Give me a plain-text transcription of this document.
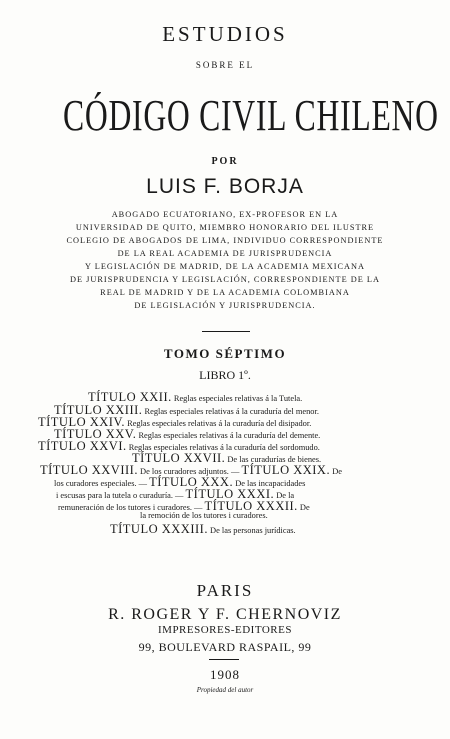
ESTUDIOS
SOBRE EL
CÓDIGO CIVIL CHILENO
POR
LUIS F. BORJA
ABOGADO ECUATORIANO, EX-PROFESOR EN LA
UNIVERSIDAD DE QUITO, MIEMBRO HONORARIO DEL ILUSTRE
COLEGIO DE ABOGADOS DE LIMA, INDIVIDUO CORRESPONDIENTE
DE LA REAL ACADEMIA DE JURISPRUDENCIA
Y LEGISLACIÓN DE MADRID, DE LA ACADEMIA MEXICANA
DE JURISPRUDENCIA Y LEGISLACIÓN, CORRESPONDIENTE DE LA
REAL DE MADRID Y DE LA ACADEMIA COLOMBIANA
DE LEGISLACIÓN Y JURISPRUDENCIA.
TOMO SÉPTIMO
LIBRO 1º.
TÍTULO XXII. Reglas especiales relativas á la Tutela.
TÍTULO XXIII. Reglas especiales relativas á la curaduría del menor.
TÍTULO XXIV. Reglas especiales relativas á la curaduría del disipador.
TÍTULO XXV. Reglas especiales relativas á la curaduría del demente.
TÍTULO XXVI. Reglas especiales relativas á la curaduría del sordomudo.
TÍTULO XXVII. De las curadurías de bienes.
TÍTULO XXVIII. De los curadores adjuntos. — TÍTULO XXIX. De
los curadores especiales. — TÍTULO XXX. De las incapacidades
i escusas para la tutela o curaduría. — TÍTULO XXXI. De la
remuneración de los tutores i curadores. — TÍTULO XXXII. De
la remoción de los tutores i curadores.
TÍTULO XXXIII. De las personas jurídicas.
PARIS
R. ROGER Y F. CHERNOVIZ
IMPRESORES-EDITORES
99, BOULEVARD RASPAIL, 99
1908
Propiedad del autor
